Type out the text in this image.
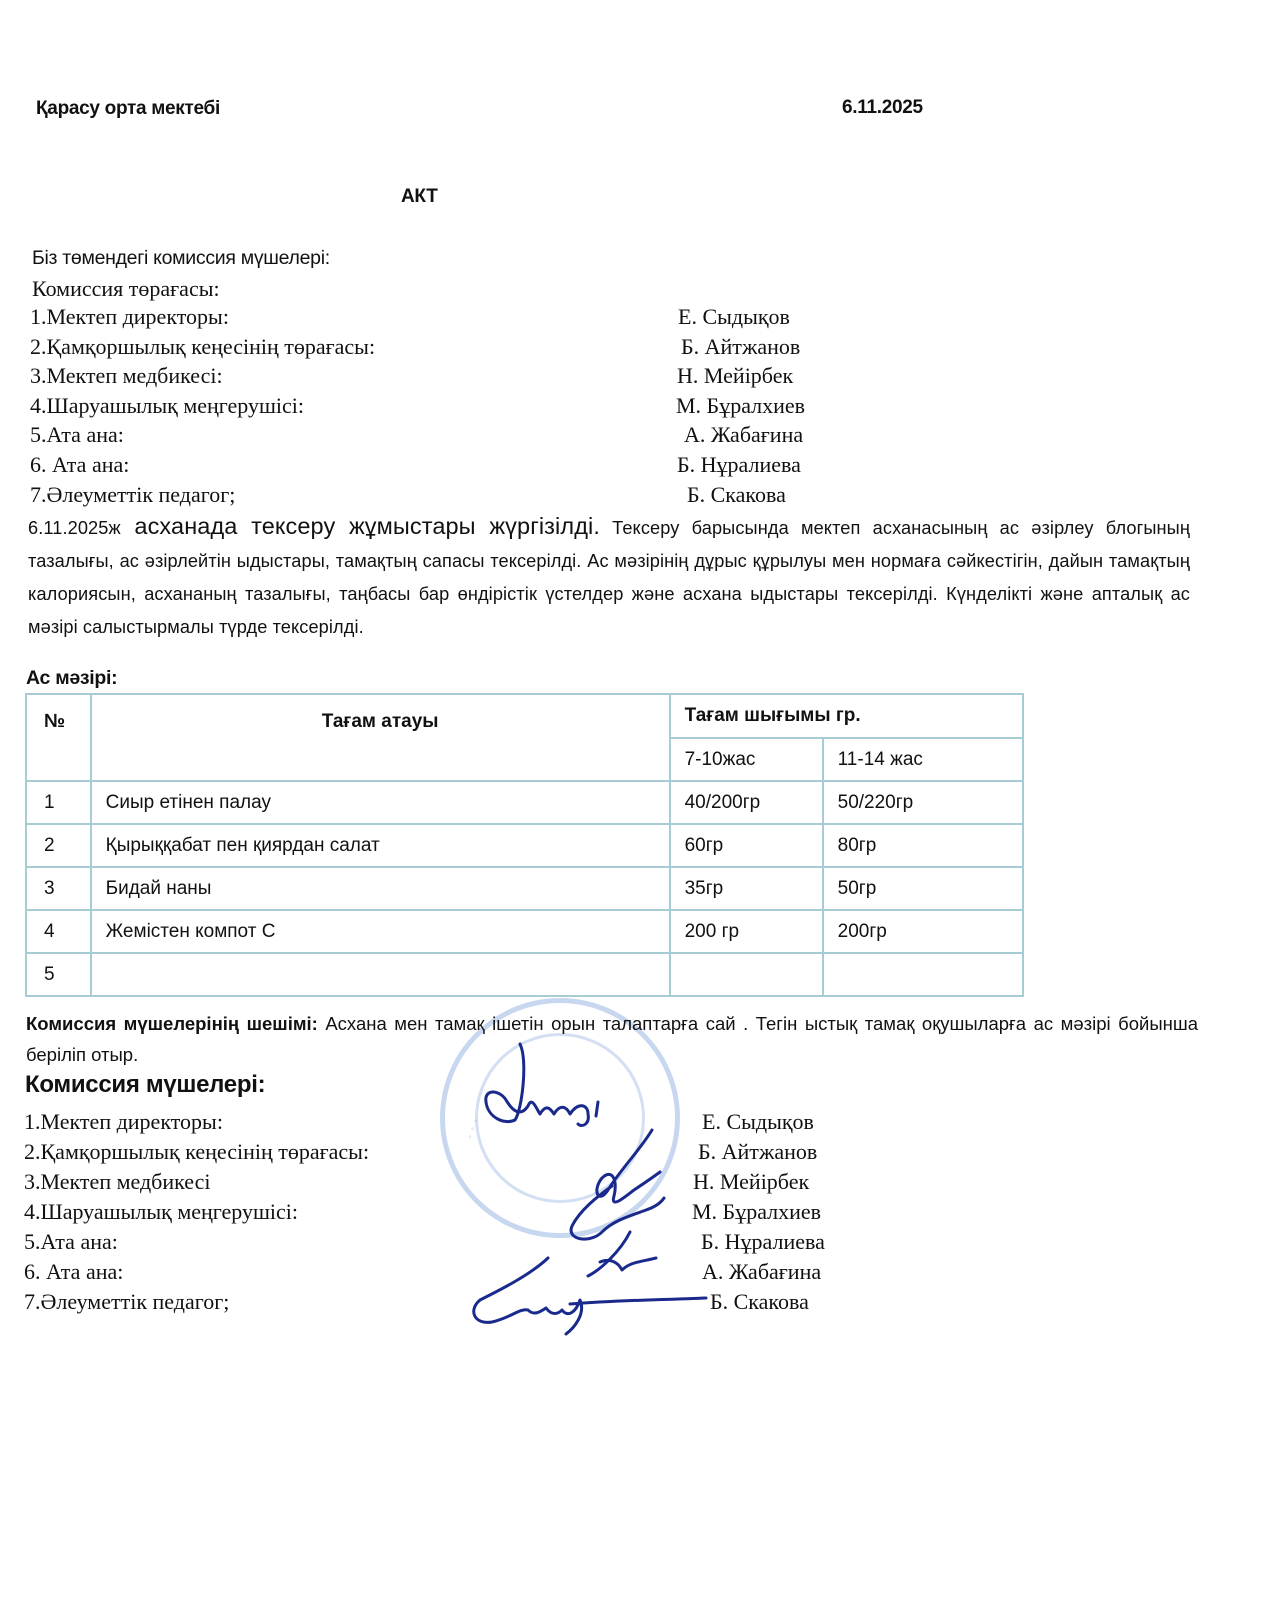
Қарасу орта мектебі	6.11.2025
АКТ
Біз төмендегі комиссия мүшелері:
Комиссия төрағасы:
1.Мектеп директоры:	Е. Сыдықов
2.Қамқоршылық кеңесінің төрағасы:	Б. Айтжанов
3.Мектеп медбикесі:	Н. Мейірбек
4.Шаруашылық меңгерушісі:	М. Бұралхиев
5.Ата ана:	А. Жабағина
6. Ата ана:	Б. Нұралиева
7.Әлеуметтік педагог;	Б. Скакова
6.11.2025ж асханада тексеру жұмыстары жүргізілді. Тексеру барысында мектеп асханасының ас әзірлеу блогының тазалығы, ас әзірлейтін ыдыстары, тамақтың сапасы тексерілді. Ас мәзірінің дұрыс құрылуы мен нормаға сәйкестігін, дайын тамақтың калориясын, асхананың тазалығы, таңбасы бар өндірістік үстелдер және асхана ыдыстары тексерілді. Күнделікті және апталық ас мәзірі салыстырмалы түрде тексерілді.
Ас мәзірі:
№	Тағам атауы	Тағам шығымы гр.	
		7-10жас	11-14 жас
1	Сиыр етінен палау	40/200гр	50/220гр
2	Қырыққабат пен қиярдан салат	60гр	80гр
3	Бидай наны	35гр	50гр
4	Жемістен компот С	200 гр	200гр
5			
◦ ◦ ◦
Комиссия мүшелерінің шешімі: Асхана мен тамақ ішетін орын талаптарға сай . Тегін ыстық тамақ оқушыларға ас мәзірі бойынша беріліп отыр.
Комиссия мүшелері:
1.Мектеп директоры:	Е. Сыдықов
2.Қамқоршылық кеңесінің төрағасы:	Б. Айтжанов
3.Мектеп медбикесі	Н. Мейірбек
4.Шаруашылық меңгерушісі:	М. Бұралхиев
5.Ата ана:	Б. Нұралиева
6. Ата ана:	А. Жабағина
7.Әлеуметтік педагог;	Б. Скакова
